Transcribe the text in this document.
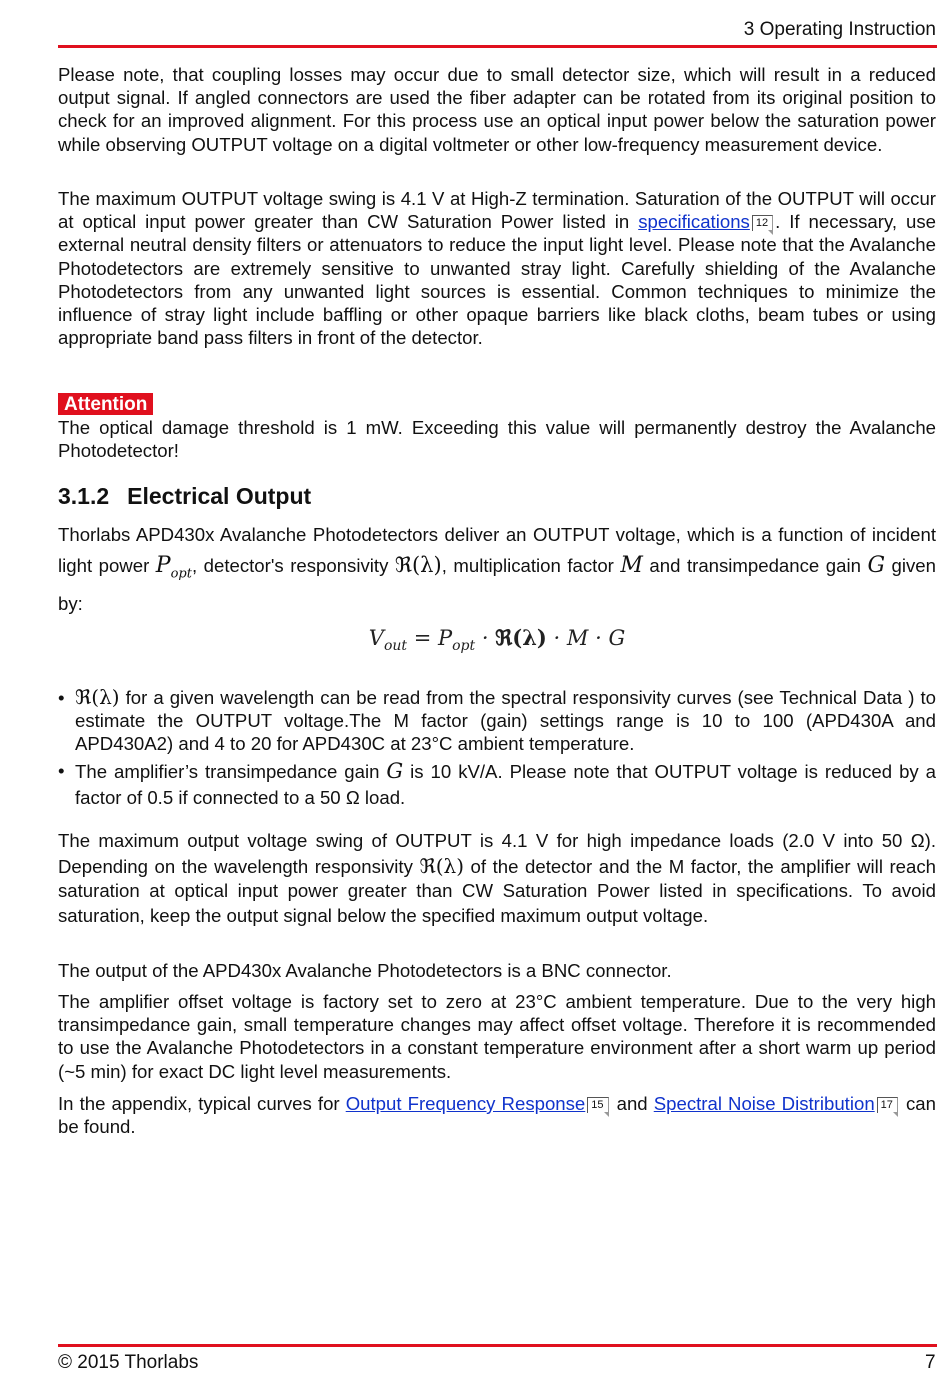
3 Operating Instruction

Please note, that coupling losses may occur due to small detector size, which will result in a reduced output signal. If angled connectors are used the fiber adapter can be rotated from its original position to check for an improved alignment. For this process use an optical input power below the saturation power while observing OUTPUT voltage on a digital voltmeter or other low-frequency measurement device.

The maximum OUTPUT voltage swing is 4.1 V at High-Z termination. Saturation of the OUTPUT will occur at optical input power greater than CW Saturation Power listed in specifications 12 . If necessary, use external neutral density filters or attenuators to reduce the input light level. Please note that the Avalanche Photodetectors are extremely sensitive to unwanted stray light. Carefully shielding of the Avalanche Photodetectors from any unwanted light sources is essential. Common techniques to minimize the influence of stray light include baffling or other opaque barriers like black cloths, beam tubes or using appropriate band pass filters in front of the detector.

Attention

The optical damage threshold is 1 mW. Exceeding this value will permanently destroy the Avalanche Photodetector!

3.1.2 Electrical Output

Thorlabs APD430x Avalanche Photodetectors deliver an OUTPUT voltage, which is a function of incident light power $P_{opt}$, detector's responsivity ℜ(λ), multiplication factor M and transimpedance gain G given by:

$V_{out} = P_{opt}$ · ℜ(λ) · M · G
• ℜ(λ) for a given wavelength can be read from the spectral responsivity curves (see Technical Data ) to estimate the OUTPUT voltage.The M factor (gain) settings range is 10 to 100 (APD430A and APD430A2) and 4 to 20 for APD430C at 23°C ambient temperature.
• The amplifier’s transimpedance gain G is 10 kV/A. Please note that OUTPUT voltage is reduced by a factor of 0.5 if connected to a 50 Ω load.

The maximum output voltage swing of OUTPUT is 4.1 V for high impedance loads (2.0 V into 50 Ω). Depending on the wavelength responsivity ℜ(λ) of the detector and the M factor, the amplifier will reach saturation at optical input power greater than CW Saturation Power listed in specifications. To avoid saturation, keep the output signal below the specified maximum output voltage.

The output of the APD430x Avalanche Photodetectors is a BNC connector.

The amplifier offset voltage is factory set to zero at 23°C ambient temperature. Due to the very high transimpedance gain, small temperature changes may affect offset voltage. Therefore it is recommended to use the Avalanche Photodetectors in a constant temperature environment after a short warm up period (~5 min) for exact DC light level measurements.

In the appendix, typical curves for Output Frequency Response 15 and Spectral Noise Distribution 17 can be found.

© 2015 Thorlabs	7
